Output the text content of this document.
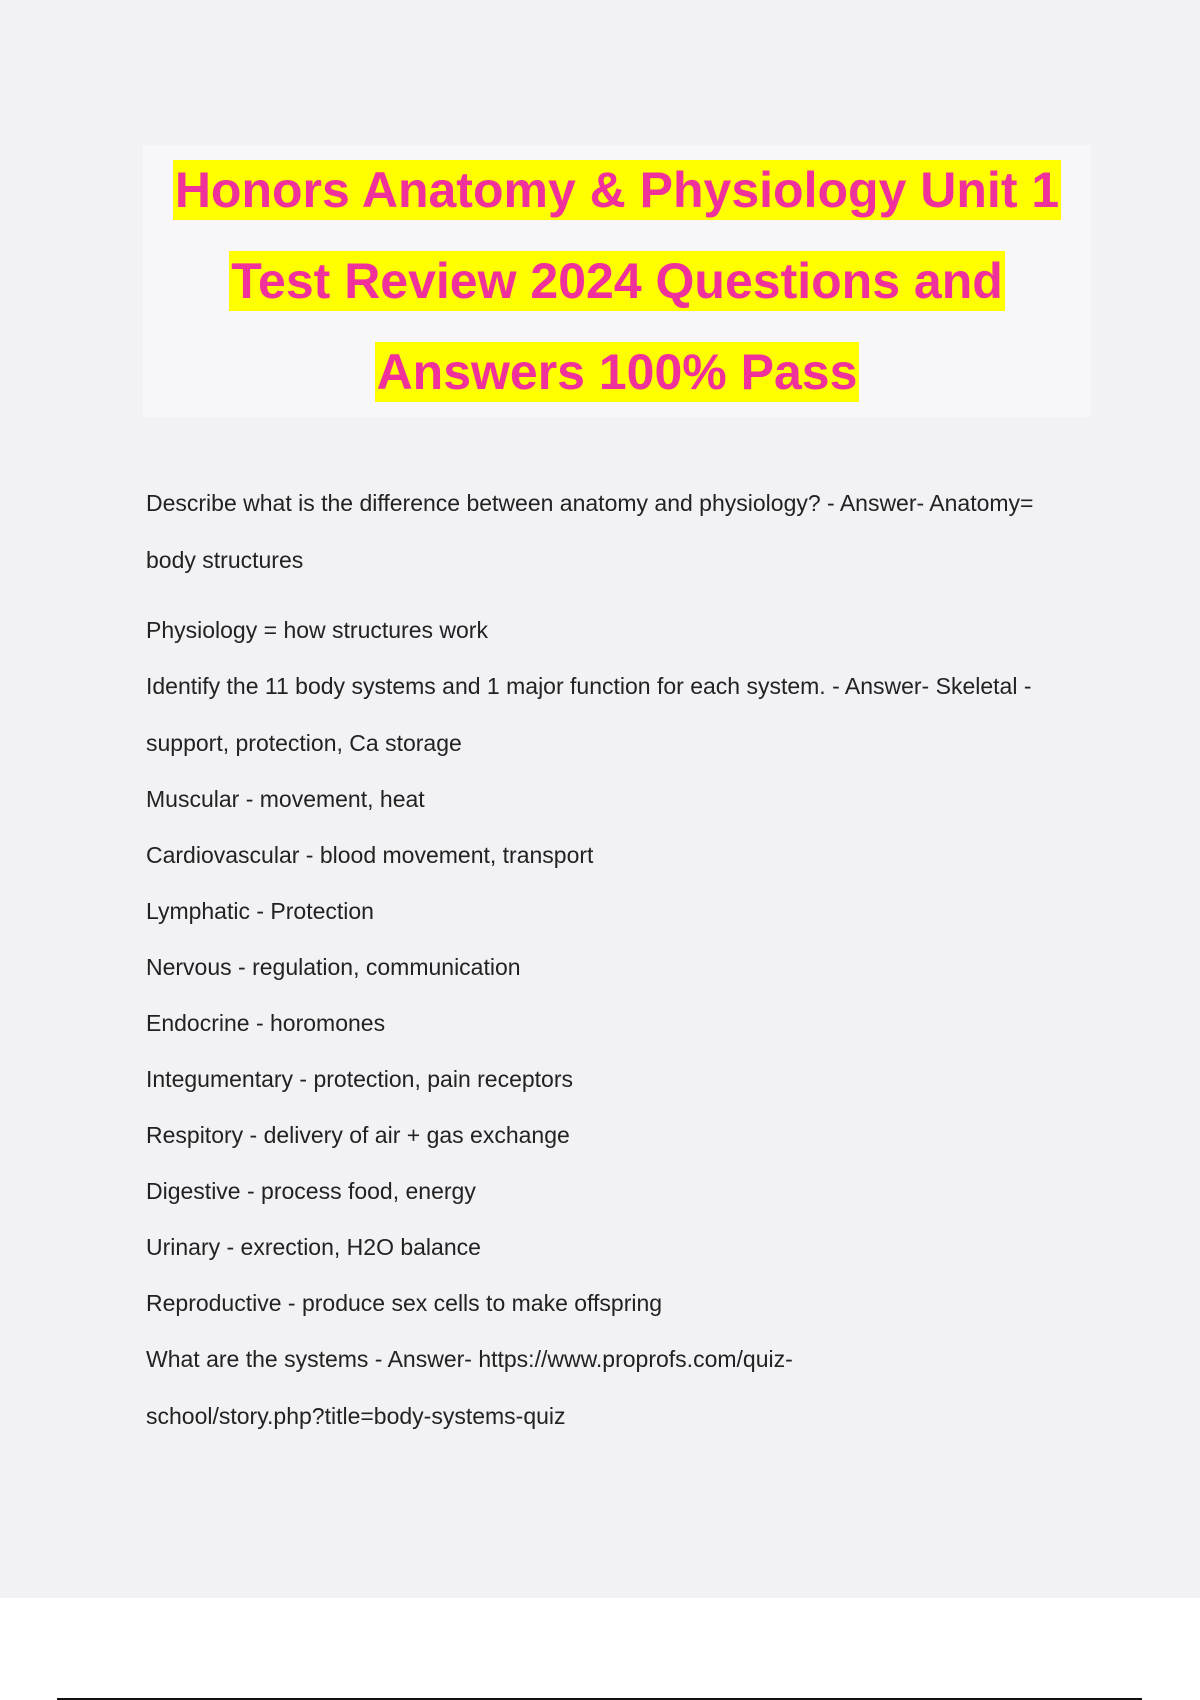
Honors Anatomy & Physiology Unit 1
Test Review 2024 Questions and
Answers 100% Pass
Describe what is the difference between anatomy and physiology? - Answer- Anatomy=
body structures

Physiology = how structures work

Identify the 11 body systems and 1 major function for each system. - Answer- Skeletal -
support, protection, Ca storage

Muscular - movement, heat

Cardiovascular - blood movement, transport

Lymphatic - Protection

Nervous - regulation, communication

Endocrine - horomones

Integumentary - protection, pain receptors

Respitory - delivery of air + gas exchange

Digestive - process food, energy

Urinary - exrection, H2O balance

Reproductive - produce sex cells to make offspring

What are the systems - Answer- https://www.proprofs.com/quiz-
school/story.php?title=body-systems-quiz
